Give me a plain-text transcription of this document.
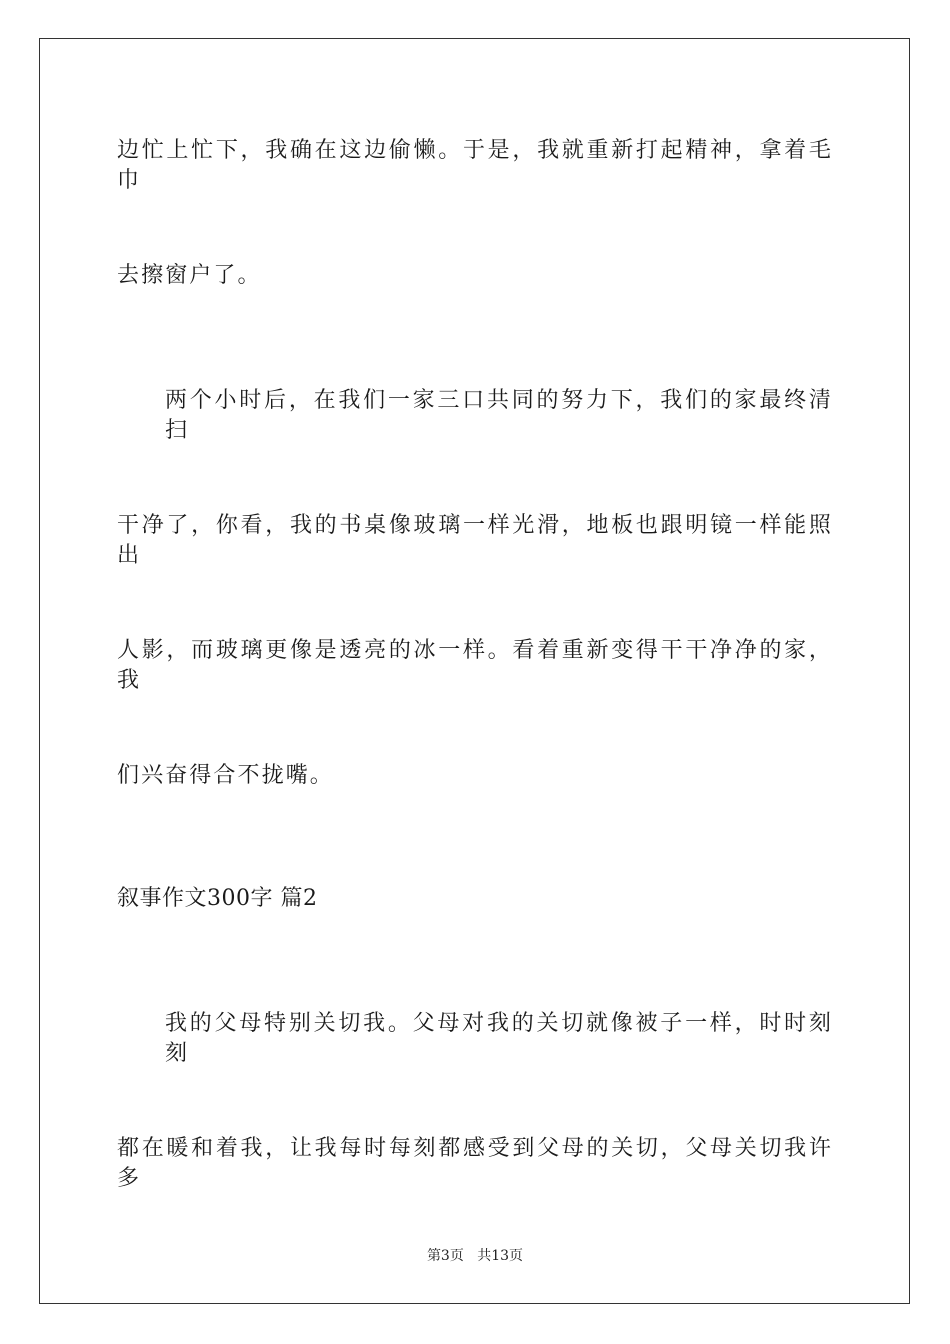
边忙上忙下，我确在这边偷懒。于是，我就重新打起精神，拿着毛巾
去擦窗户了。
两个小时后，在我们一家三口共同的努力下，我们的家最终清扫
干净了，你看，我的书桌像玻璃一样光滑，地板也跟明镜一样能照出
人影，而玻璃更像是透亮的冰一样。看着重新变得干干净净的家，我
们兴奋得合不拢嘴。
叙事作文300字 篇2
我的父母特别关切我。父母对我的关切就像被子一样，时时刻刻
都在暖和着我，让我每时每刻都感受到父母的关切，父母关切我许多
第3页 共13页
